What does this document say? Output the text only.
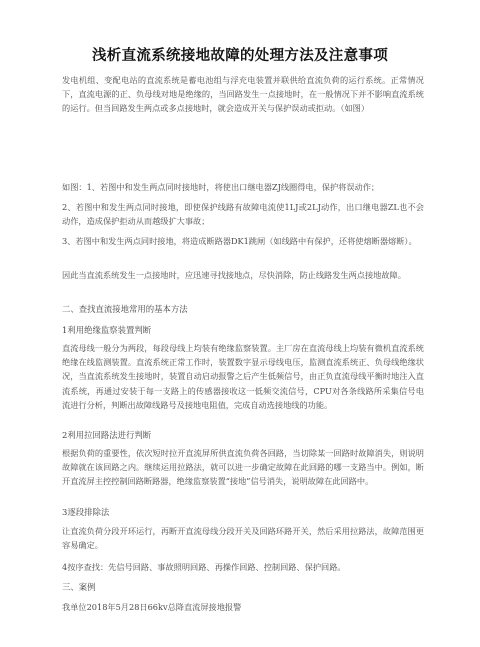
浅析直流系统接地故障的处理方法及注意事项
发电机组、变配电站的直流系统是蓄电池组与浮充电装置并联供给直流负荷的运行系统。正常情况下，直流电源的正、负母线对地是绝缘的，当回路发生一点接地时，在一般情况下并不影响直流系统的运行。但当回路发生两点或多点接地时，就会造成开关与保护误动或拒动。（如图）
如图：1、若图中和发生两点同时接地时，将使出口继电器ZJ线圈得电，保护将误动作；
2、若图中和发生两点同时接地，即使保护线路有故障电流使1LJ或2LJ动作，出口继电器ZL也不会动作，造成保护拒动从而越级扩大事故；
3、若图中和发生两点同时接地，将造成断路器DK1跳闸（如线路中有保护，还将使熔断器熔断）。
因此当直流系统发生一点接地时，应迅速寻找接地点，尽快消除，防止线路发生两点接地故障。
二、查找直流接地常用的基本方法
1利用绝缘监察装置判断
直流母线一般分为两段，每段母线上均装有绝缘监察装置。主厂房在直流母线上均装有微机直流系统绝缘在线监测装置。直流系统正常工作时，装置数字显示母线电压，监测直流系统正、负母线绝缘状况，当直流系统发生接地时，装置自动启动报警之后产生低频信号，由正负直流母线平衡时地注入直流系统，再通过安装于每一支路上的传感器接收这一低频交流信号，CPU对各条线路所采集信号电流进行分析，判断出故障线路号及接地电阻值，完成自动选接地线的功能。
2利用拉回路法进行判断
根据负荷的重要性，依次短时拉开直流屏所供直流负荷各回路，当切除某一回路时故障消失，则说明故障就在该回路之内。继续运用拉路法，就可以进一步确定故障在此回路的哪一支路当中。例如，断开直流屏主控控制回路断路器，绝缘监察装置“接地”信号消失，说明故障在此回路中。
3逐段排除法
让直流负荷分段开环运行，再断开直流母线分段开关及回路环路开关，然后采用拉路法，故障范围更容易确定。
4按序查找：先信号回路、事故照明回路、再操作回路、控制回路、保护回路。
三、案例
我单位2018年5月28日66kv总降直流屏接地报警
